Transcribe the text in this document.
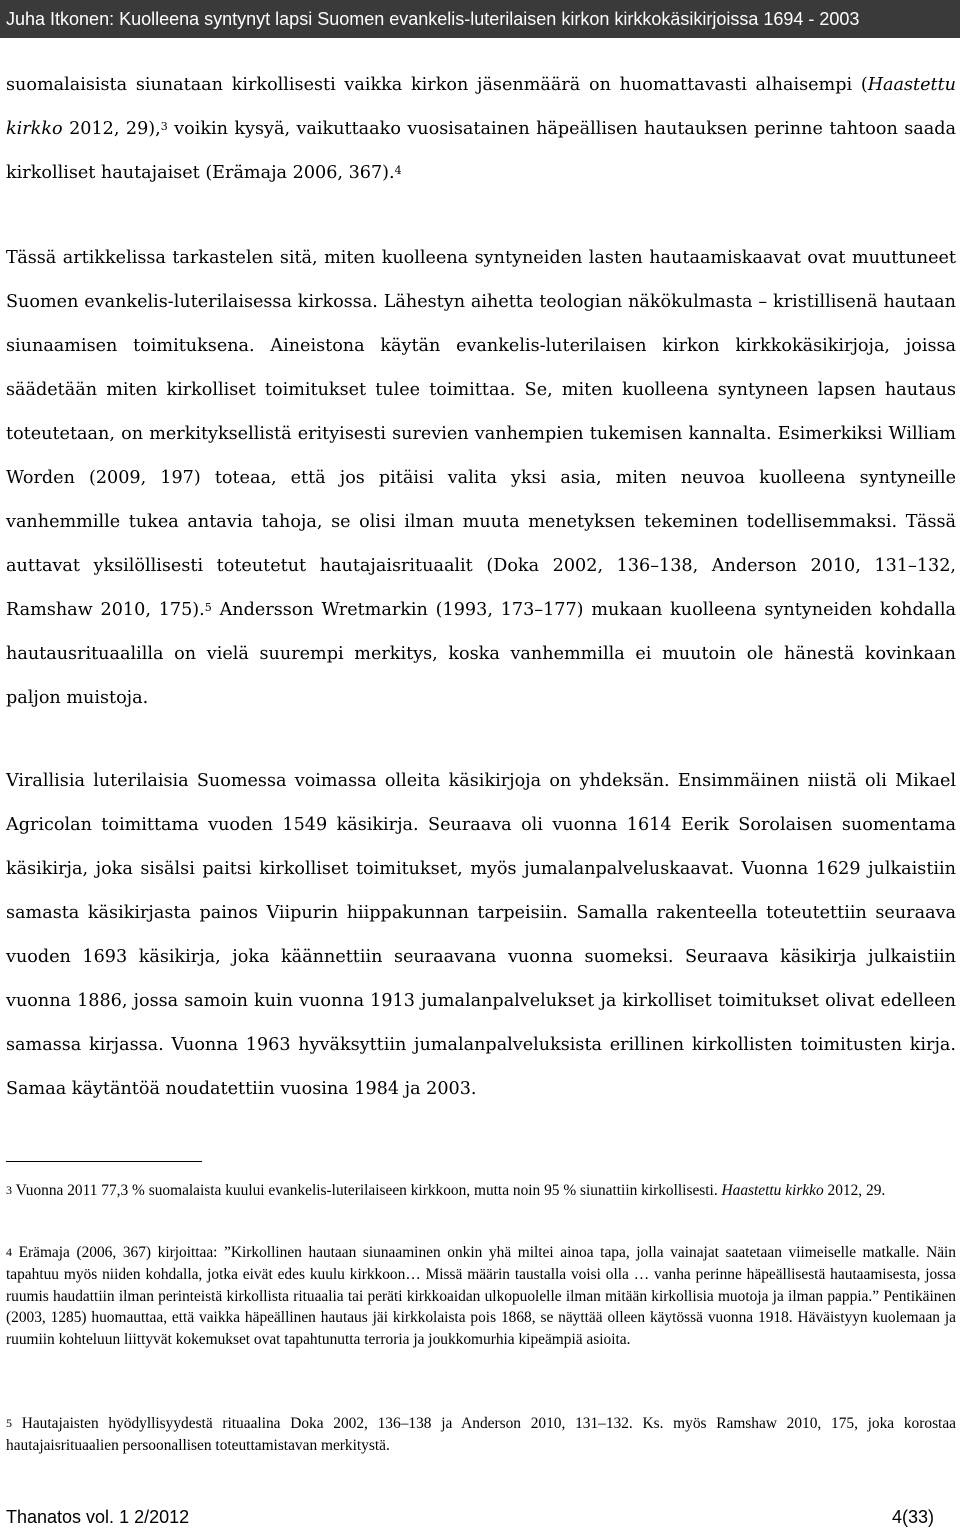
Juha Itkonen: Kuolleena syntynyt lapsi Suomen evankelis-luterilaisen kirkon kirkkokäsikirjoissa 1694 - 2003

suomalaisista siunataan kirkollisesti vaikka kirkon jäsenmäärä on huomattavasti alhaisempi (Haastettu kirkko 2012, 29),$^3$ voikin kysyä, vaikuttaako vuosisatainen häpeällisen hautauksen perinne tahtoon saada kirkolliset hautajaiset (Erämaja 2006, 367).$^4$

Tässä artikkelissa tarkastelen sitä, miten kuolleena syntyneiden lasten hautaamiskaavat ovat muuttuneet Suomen evankelis-luterilaisessa kirkossa. Lähestyn aihetta teologian näkökulmasta – kristillisenä hautaan siunaamisen toimituksena. Aineistona käytän evankelis-luterilaisen kirkon kirkkokäsikirjoja, joissa säädetään miten kirkolliset toimitukset tulee toimittaa. Se, miten kuolleena syntyneen lapsen hautaus toteutetaan, on merkityksellistä erityisesti surevien vanhempien tukemisen kannalta. Esimerkiksi William Worden (2009, 197) toteaa, että jos pitäisi valita yksi asia, miten neuvoa kuolleena syntyneille vanhemmille tukea antavia tahoja, se olisi ilman muuta menetyksen tekeminen todellisemmaksi. Tässä auttavat yksilöllisesti toteutetut hautajaisrituaalit (Doka 2002, 136–138, Anderson 2010, 131–132, Ramshaw 2010, 175).$^5$ Andersson Wretmarkin (1993, 173–177) mukaan kuolleena syntyneiden kohdalla hautausrituaalilla on vielä suurempi merkitys, koska vanhemmilla ei muutoin ole hänestä kovinkaan paljon muistoja.

Virallisia luterilaisia Suomessa voimassa olleita käsikirjoja on yhdeksän. Ensimmäinen niistä oli Mikael Agricolan toimittama vuoden 1549 käsikirja. Seuraava oli vuonna 1614 Eerik Sorolaisen suomentama käsikirja, joka sisälsi paitsi kirkolliset toimitukset, myös jumalanpalveluskaavat. Vuonna 1629 julkaistiin samasta käsikirjasta painos Viipurin hiippakunnan tarpeisiin. Samalla rakenteella toteutettiin seuraava vuoden 1693 käsikirja, joka käännettiin seuraavana vuonna suomeksi. Seuraava käsikirja julkaistiin vuonna 1886, jossa samoin kuin vuonna 1913 jumalanpalvelukset ja kirkolliset toimitukset olivat edelleen samassa kirjassa. Vuonna 1963 hyväksyttiin jumalanpalveluksista erillinen kirkollisten toimitusten kirja. Samaa käytäntöä noudatettiin vuosina 1984 ja 2003.

$^3$ Vuonna 2011 77,3 % suomalaista kuului evankelis-luterilaiseen kirkkoon, mutta noin 95 % siunattiin kirkollisesti. Haastettu kirkko 2012, 29.

$^4$ Erämaja (2006, 367) kirjoittaa: ”Kirkollinen hautaan siunaaminen onkin yhä miltei ainoa tapa, jolla vainajat saatetaan viimeiselle matkalle. Näin tapahtuu myös niiden kohdalla, jotka eivät edes kuulu kirkkoon… Missä määrin taustalla voisi olla … vanha perinne häpeällisestä hautaamisesta, jossa ruumis haudattiin ilman perinteistä kirkollista rituaalia tai peräti kirkkoaidan ulkopuolelle ilman mitään kirkollisia muotoja ja ilman pappia.” Pentikäinen (2003, 1285) huomauttaa, että vaikka häpeällinen hautaus jäi kirkkolaista pois 1868, se näyttää olleen käytössä vuonna 1918. Häväistyyn kuolemaan ja ruumiin kohteluun liittyvät kokemukset ovat tapahtunutta terroria ja joukkomurhia kipeämpiä asioita.

$^5$ Hautajaisten hyödyllisyydestä rituaalina Doka 2002, 136–138 ja Anderson 2010, 131–132. Ks. myös Ramshaw 2010, 175, joka korostaa hautajaisrituaalien persoonallisen toteuttamistavan merkitystä.

Thanatos vol. 1 2/2012	4(33)
